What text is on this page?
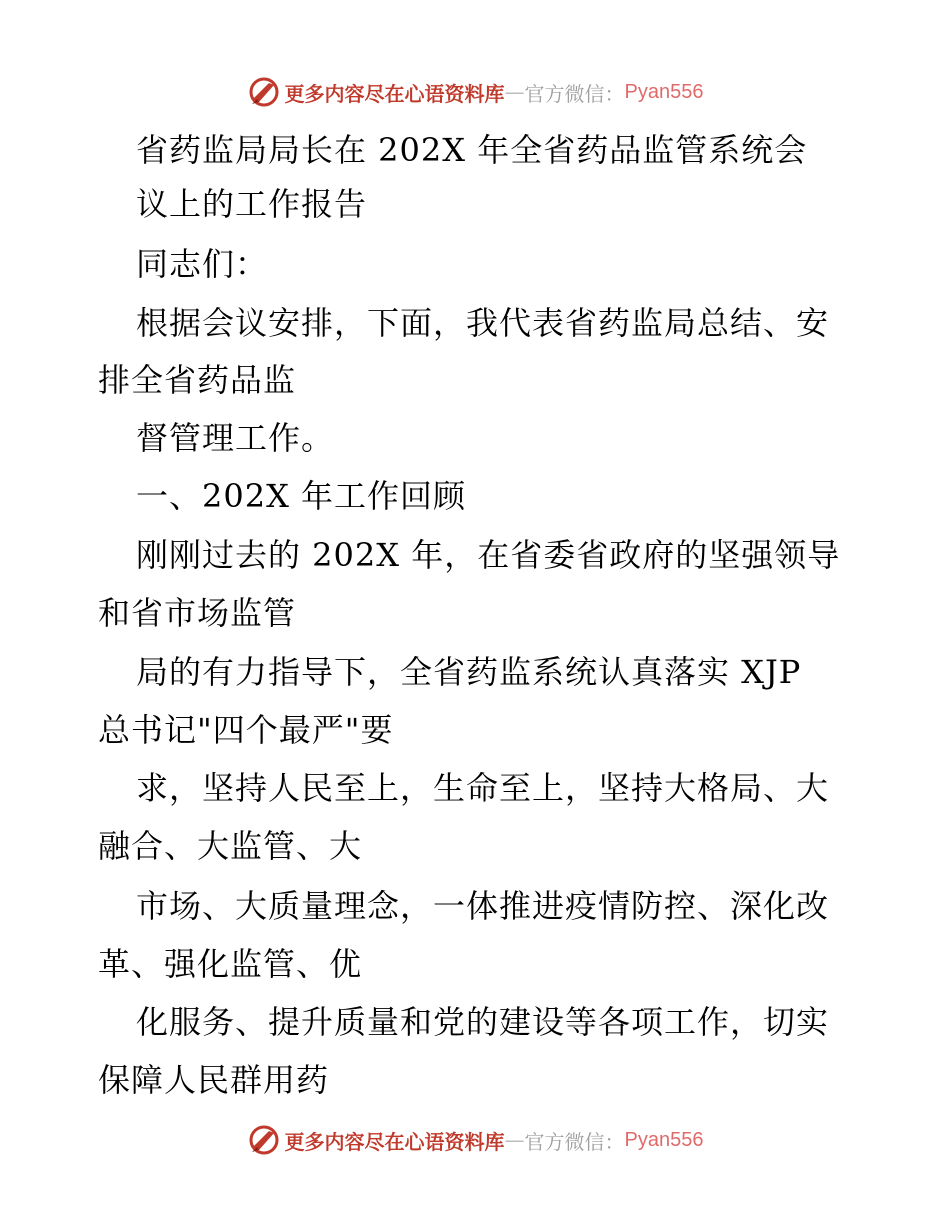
更多内容尽在心语资料库 — 官方微信： Pyan556
省药监局局长在 202X 年全省药品监管系统会
议上的工作报告
同志们：
根据会议安排，下面，我代表省药监局总结、安
排全省药品监
督管理工作。
一、202X 年工作回顾
刚刚过去的 202X 年，在省委省政府的坚强领导
和省市场监管
局的有力指导下，全省药监系统认真落实 XJP
总书记"四个最严"要
求，坚持人民至上，生命至上，坚持大格局、大
融合、大监管、大
市场、大质量理念，一体推进疫情防控、深化改
革、强化监管、优
化服务、提升质量和党的建设等各项工作，切实
保障人民群用药
更多内容尽在心语资料库 — 官方微信： Pyan556
